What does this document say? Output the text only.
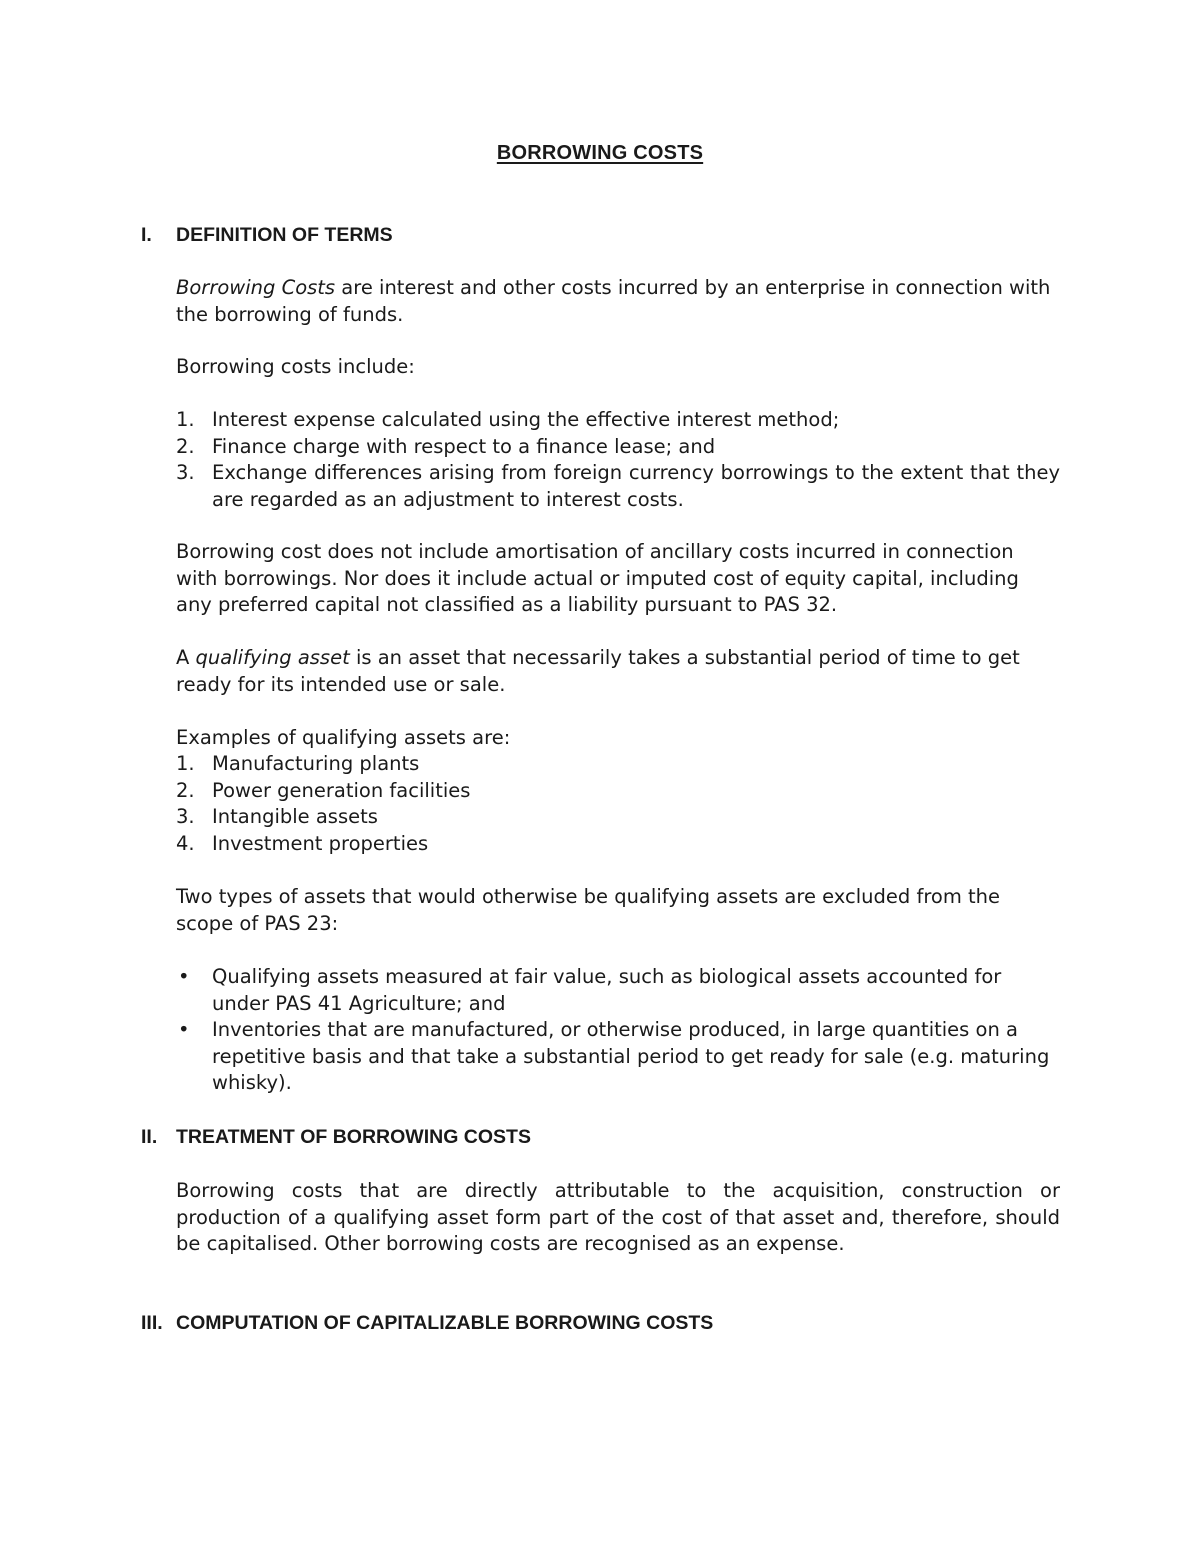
BORROWING COSTS
I. DEFINITION OF TERMS

Borrowing Costs are interest and other costs incurred by an enterprise in connection with the borrowing of funds.

Borrowing costs include:

1. Interest expense calculated using the effective interest method;
2. Finance charge with respect to a finance lease; and
3. Exchange differences arising from foreign currency borrowings to the extent that they are regarded as an adjustment to interest costs.

Borrowing cost does not include amortisation of ancillary costs incurred in connection with borrowings. Nor does it include actual or imputed cost of equity capital, including any preferred capital not classified as a liability pursuant to PAS 32.

A qualifying asset is an asset that necessarily takes a substantial period of time to get ready for its intended use or sale.

Examples of qualifying assets are:

1. Manufacturing plants
2. Power generation facilities
3. Intangible assets
4. Investment properties

Two types of assets that would otherwise be qualifying assets are excluded from the scope of PAS 23:

• Qualifying assets measured at fair value, such as biological assets accounted for under PAS 41 Agriculture; and
• Inventories that are manufactured, or otherwise produced, in large quantities on a repetitive basis and that take a substantial period to get ready for sale (e.g. maturing whisky).
II. TREATMENT OF BORROWING COSTS

Borrowing costs that are directly attributable to the acquisition, construction or production of a qualifying asset form part of the cost of that asset and, therefore, should be capitalised. Other borrowing costs are recognised as an expense.

III. COMPUTATION OF CAPITALIZABLE BORROWING COSTS
